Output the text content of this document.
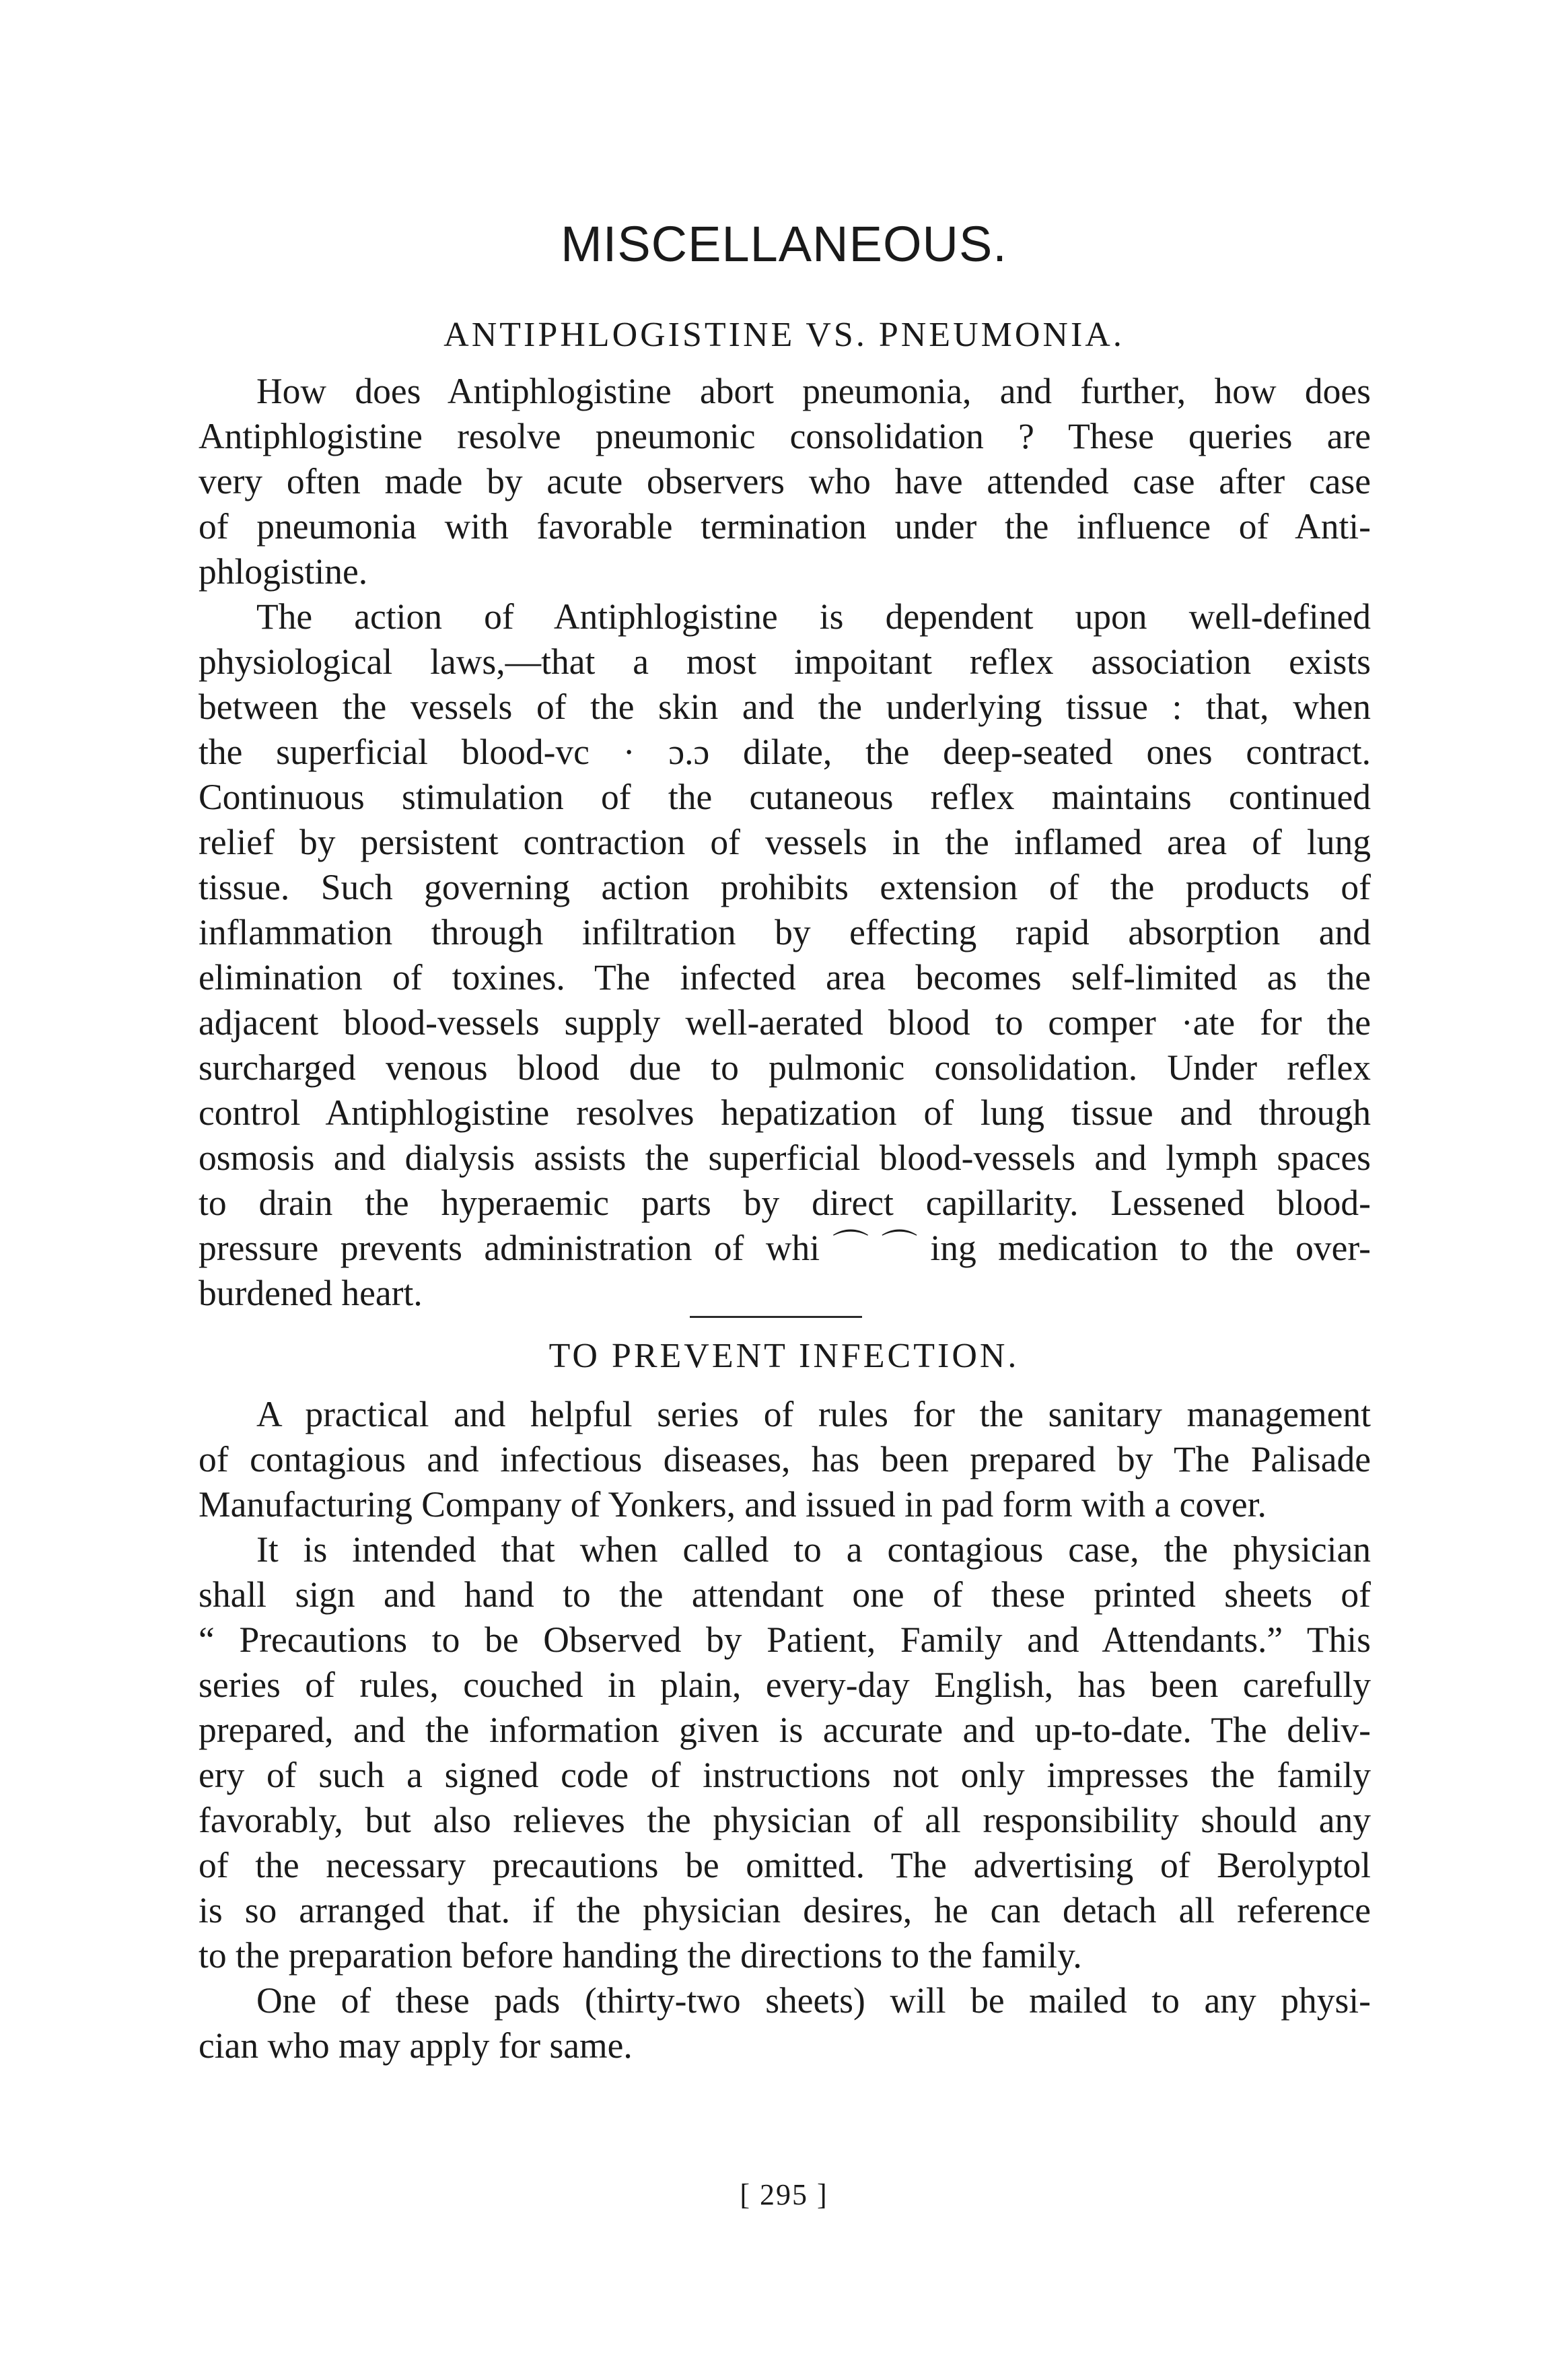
MISCELLANEOUS.
ANTIPHLOGISTINE VS. PNEUMONIA.
How does Antiphlogistine abort pneumonia, and further, how does
Antiphlogistine resolve pneumonic consolidation ? These queries are
very often made by acute observers who have attended case after case
of pneumonia with favorable termination under the influence of Anti-
phlogistine.
The action of Antiphlogistine is dependent upon well-defined
physiological laws,—that a most impoitant reflex association exists
between the vessels of the skin and the underlying tissue : that, when
the superficial blood-vc · ɔ.ɔ dilate, the deep-seated ones contract.
Continuous stimulation of the cutaneous reflex maintains continued
relief by persistent contraction of vessels in the inflamed area of lung
tissue. Such governing action prohibits extension of the products of
inflammation through infiltration by effecting rapid absorption and
elimination of toxines. The infected area becomes self-limited as the
adjacent blood-vessels supply well-aerated blood to comper ·ate for the
surcharged venous blood due to pulmonic consolidation. Under reflex
control Antiphlogistine resolves hepatization of lung tissue and through
osmosis and dialysis assists the superficial blood-vessels and lymph spaces
to drain the hyperaemic parts by direct capillarity. Lessened blood-
pressure prevents administration of whi⌒⌒ing medication to the over-
burdened heart.
TO PREVENT INFECTION.
A practical and helpful series of rules for the sanitary management
of contagious and infectious diseases, has been prepared by The Palisade
Manufacturing Company of Yonkers, and issued in pad form with a cover.
It is intended that when called to a contagious case, the physician
shall sign and hand to the attendant one of these printed sheets of
“ Precautions to be Observed by Patient, Family and Attendants.” This
series of rules, couched in plain, every-day English, has been carefully
prepared, and the information given is accurate and up-to-date. The deliv-
ery of such a signed code of instructions not only impresses the family
favorably, but also relieves the physician of all responsibility should any
of the necessary precautions be omitted. The advertising of Berolyptol
is so arranged that. if the physician desires, he can detach all reference
to the preparation before handing the directions to the family.
One of these pads (thirty-two sheets) will be mailed to any physi-
cian who may apply for same.
[ 295 ]
